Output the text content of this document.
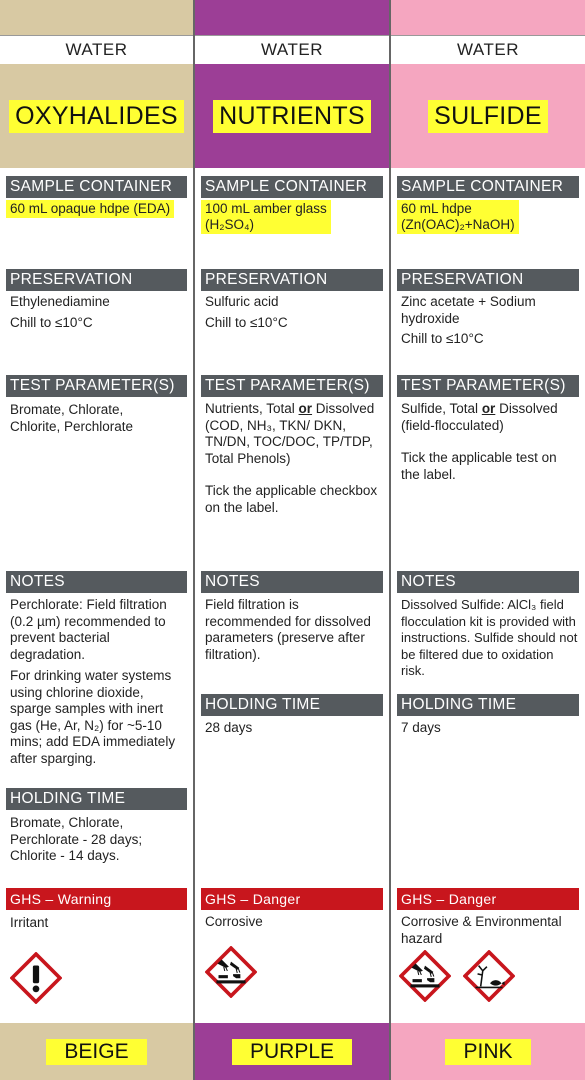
WATER
OXYHALIDES
SAMPLE CONTAINER
60 mL opaque hdpe (EDA)
PRESERVATION

Ethylenediamine

Chill to ≤10°C

TEST PARAMETER(S)
Bromate, Chlorate, Chlorite, Perchlorate
NOTES

Perchlorate: Field filtration (0.2 µm) recommended to prevent bacterial degradation.

For drinking water systems using chlorine dioxide, sparge samples with inert gas (He, Ar, N₂) for ~5-10 mins; add EDA immediately after sparging.

HOLDING TIME
Bromate, Chlorate, Perchlorate - 28 days; Chlorite - 14 days.
GHS – Warning
Irritant
BEIGE
WATER
NUTRIENTS
SAMPLE CONTAINER
100 mL amber glass
(H₂SO₄)
PRESERVATION

Sulfuric acid

Chill to ≤10°C

TEST PARAMETER(S)

Nutrients, Total or Dissolved (COD, NH₃, TKN/ DKN, TN/DN, TOC/DOC, TP/TDP, Total Phenols)

Tick the applicable checkbox on the label.

NOTES

Field filtration is recommended for dissolved parameters (preserve after filtration).

HOLDING TIME
28 days
GHS – Danger
Corrosive
PURPLE
WATER
SULFIDE
SAMPLE CONTAINER
60 mL hdpe
(Zn(OAC)₂+NaOH)
PRESERVATION

Zinc acetate + Sodium hydroxide

Chill to ≤10°C

TEST PARAMETER(S)

Sulfide, Total or Dissolved (field-flocculated)

Tick the applicable test on the label.

NOTES

Dissolved Sulfide: AlCl₃ field flocculation kit is provided with instructions. Sulfide should not be filtered due to oxidation risk.

HOLDING TIME
7 days
GHS – Danger
Corrosive & Environmental hazard
PINK
